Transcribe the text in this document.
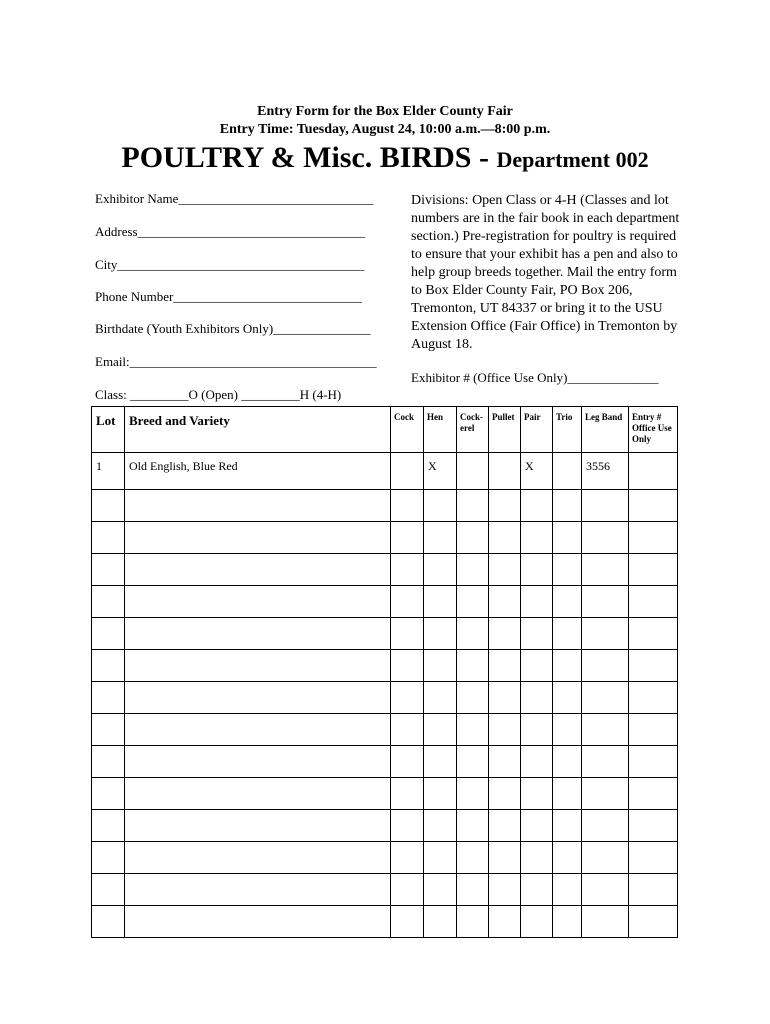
Entry Form for the Box Elder County Fair
Entry Time: Tuesday, August 24, 10:00 a.m.—8:00 p.m.
POULTRY & Misc. BIRDS - Department 002
Exhibitor Name______________________________
Address___________________________________
City______________________________________
Phone Number_____________________________
Birthdate (Youth Exhibitors Only)_______________
Email:______________________________________
Class: _________O (Open) _________H (4-H)
Divisions: Open Class or 4-H (Classes and lot numbers are in the fair book in each department section.) Pre-registration for poultry is required to ensure that your exhibit has a pen and also to help group breeds together. Mail the entry form to Box Elder County Fair, PO Box 206, Tremonton, UT 84337 or bring it to the USU Extension Office (Fair Office) in Tremonton by August 18.
Exhibitor # (Office Use Only)______________
Lot	Breed and Variety	Cock	Hen	Cock-erel	Pullet	Pair	Trio	Leg Band	Entry # Office Use Only
1	Old English, Blue Red		X			X		3556	
